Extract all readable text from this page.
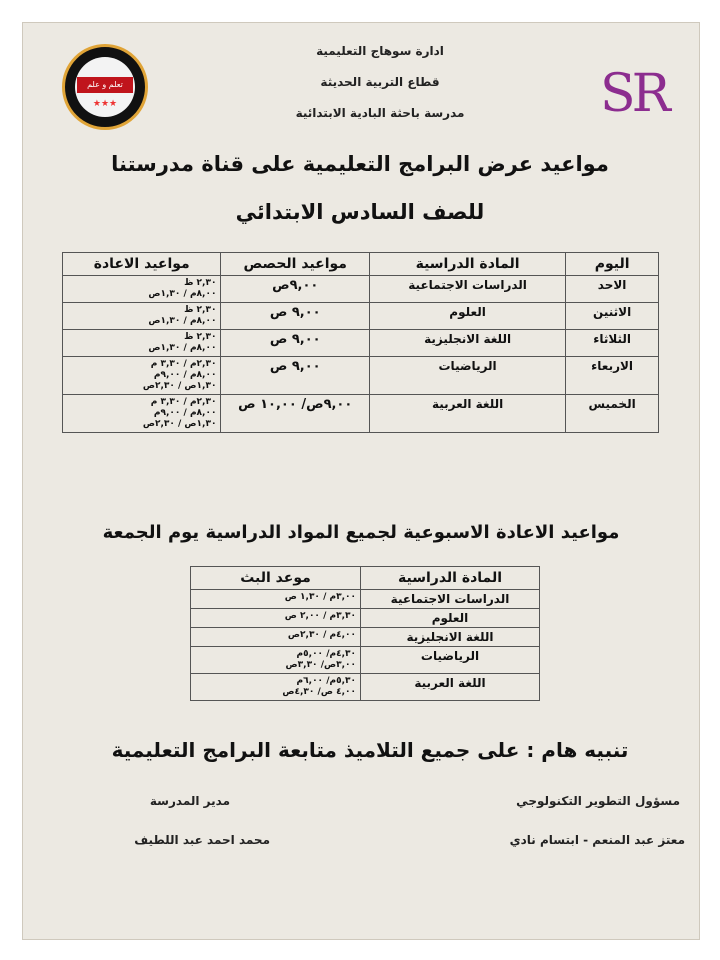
تعلم و علم
★★★	SR
ادارة سوهاج التعليمية
قطاع التربية الحديثة
مدرسة باحثة البادية الابتدائية
مواعيد عرض البرامج التعليمية على قناة مدرستنا
للصف السادس الابتدائي
اليوم	المادة الدراسية	مواعيد الحصص	مواعيد الاعادة
الاحد	الدراسات الاجتماعية	٩,٠٠ص	٢,٣٠ ظ
٨,٠٠م / ١,٣٠ص

الاثنين	العلوم	٩,٠٠ ص	٢,٣٠ ظ
٨,٠٠م / ١,٣٠ص

الثلاثاء	اللغة الانجليزية	٩,٠٠ ص	٢,٣٠ ظ
٨,٠٠م / ١,٣٠ص

الاربعاء	الرياضيات	٩,٠٠ ص	٢,٣٠م / ٣,٣٠ م
٨,٠٠م / ٩,٠٠م
١,٣٠ص / ٢,٣٠ص

الخميس	اللغة العربية	٩,٠٠ص/ ١٠,٠٠ ص	٢,٣٠م / ٣,٣٠ م
٨,٠٠م / ٩,٠٠م
١,٣٠ص / ٢,٣٠ص
مواعيد الاعادة الاسبوعية لجميع المواد الدراسية يوم الجمعة
المادة الدراسية	موعد البث
الدراسات الاجتماعية	٣,٠٠م / ١,٣٠ ص

العلوم	٣,٣٠م / ٢,٠٠ ص

اللغة الانجليزية	٤,٠٠م / ٢,٣٠ص

الرياضيات	٤,٣٠م/ ٥,٠٠م
٣,٠٠ص/ ٣,٣٠ص

اللغة العربية	٥,٣٠م/ ٦,٠٠م
٤,٠٠ ص/ ٤,٣٠ص
تنبيه هام : على جميع التلاميذ متابعة البرامج التعليمية
مسؤول التطوير التكنولوجي
مدير المدرسة
معتز عبد المنعم - ابتسام نادي
محمد احمد عبد اللطيف
